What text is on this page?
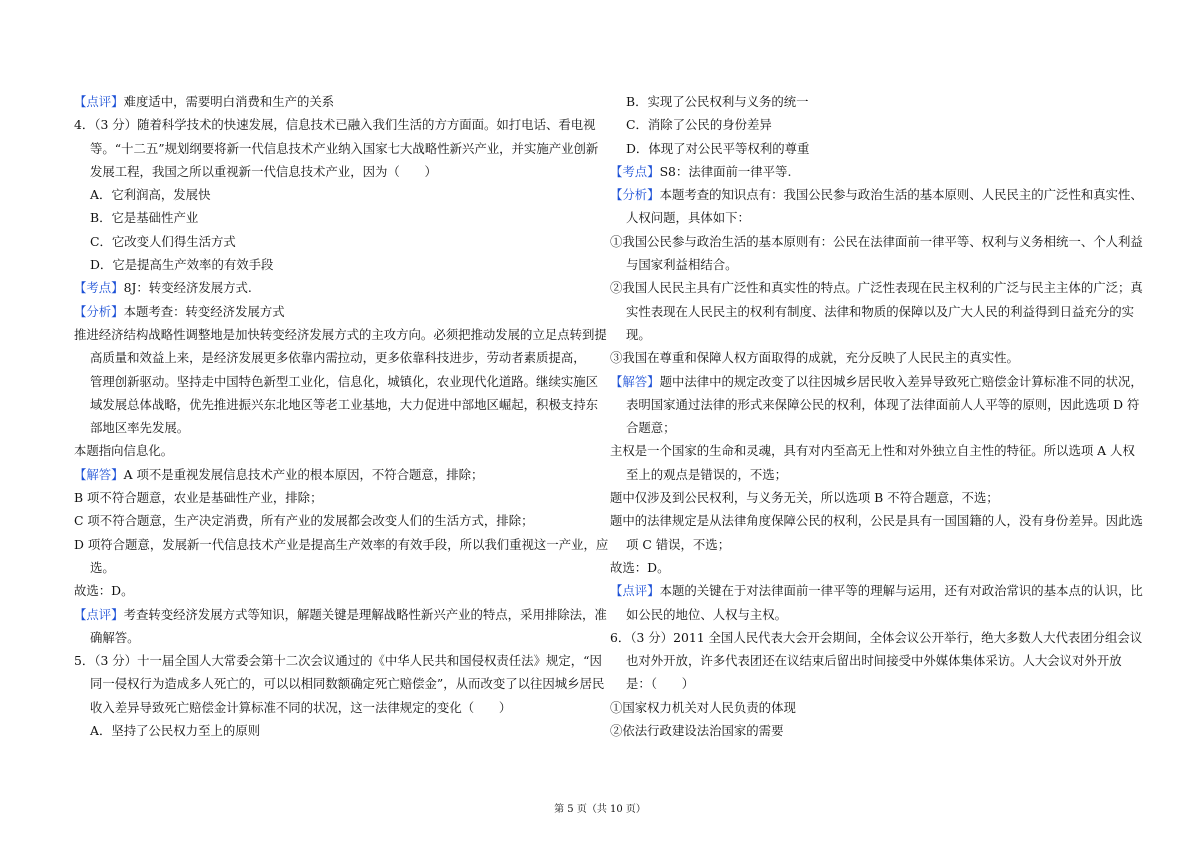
【点评】难度适中，需要明白消费和生产的关系
4．（3 分）随着科学技术的快速发展，信息技术已融入我们生活的方方面面。如打电话、看电视
等。“十二五”规划纲要将新一代信息技术产业纳入国家七大战略性新兴产业，并实施产业创新
发展工程，我国之所以重视新一代信息技术产业，因为（　　）
A．它利润高，发展快
B．它是基础性产业
C．它改变人们得生活方式
D．它是提高生产效率的有效手段
【考点】8J：转变经济发展方式.
【分析】本题考查：转变经济发展方式
推进经济结构战略性调整地是加快转变经济发展方式的主攻方向。必须把推动发展的立足点转到提
高质量和效益上来，是经济发展更多依靠内需拉动，更多依靠科技进步，劳动者素质提高，
管理创新驱动。坚持走中国特色新型工业化，信息化，城镇化，农业现代化道路。继续实施区
域发展总体战略，优先推进振兴东北地区等老工业基地，大力促进中部地区崛起，积极支持东
部地区率先发展。
本题指向信息化。
【解答】A 项不是重视发展信息技术产业的根本原因，不符合题意，排除；
B 项不符合题意，农业是基础性产业，排除；
C 项不符合题意，生产决定消费，所有产业的发展都会改变人们的生活方式，排除；
D 项符合题意，发展新一代信息技术产业是提高生产效率的有效手段，所以我们重视这一产业，应
选。
故选：D。
【点评】考查转变经济发展方式等知识，解题关键是理解战略性新兴产业的特点，采用排除法，准
确解答。
5．（3 分）十一届全国人大常委会第十二次会议通过的《中华人民共和国侵权责任法》规定，“因
同一侵权行为造成多人死亡的，可以以相同数额确定死亡赔偿金”，从而改变了以往因城乡居民
收入差异导致死亡赔偿金计算标准不同的状况，这一法律规定的变化（　　）
A．坚持了公民权力至上的原则
B．实现了公民权利与义务的统一
C．消除了公民的身份差异
D．体现了对公民平等权利的尊重
【考点】S8：法律面前一律平等.
【分析】本题考查的知识点有：我国公民参与政治生活的基本原则、人民民主的广泛性和真实性、
人权问题，具体如下：
①我国公民参与政治生活的基本原则有：公民在法律面前一律平等、权利与义务相统一、个人利益
与国家利益相结合。
②我国人民民主具有广泛性和真实性的特点。广泛性表现在民主权利的广泛与民主主体的广泛；真
实性表现在人民民主的权利有制度、法律和物质的保障以及广大人民的利益得到日益充分的实
现。
③我国在尊重和保障人权方面取得的成就，充分反映了人民民主的真实性。
【解答】题中法律中的规定改变了以往因城乡居民收入差异导致死亡赔偿金计算标准不同的状况，
表明国家通过法律的形式来保障公民的权利，体现了法律面前人人平等的原则，因此选项 D 符
合题意；
主权是一个国家的生命和灵魂，具有对内至高无上性和对外独立自主性的特征。所以选项 A 人权
至上的观点是错误的，不选；
题中仅涉及到公民权利，与义务无关，所以选项 B 不符合题意，不选；
题中的法律规定是从法律角度保障公民的权利，公民是具有一国国籍的人，没有身份差异。因此选
项 C 错误，不选；
故选：D。
【点评】本题的关键在于对法律面前一律平等的理解与运用，还有对政治常识的基本点的认识，比
如公民的地位、人权与主权。
6．（3 分）2011 全国人民代表大会开会期间，全体会议公开举行，绝大多数人大代表团分组会议
也对外开放，许多代表团还在议结束后留出时间接受中外媒体集体采访。人大会议对外开放
是：（　　）
①国家权力机关对人民负责的体现
②依法行政建设法治国家的需要
第 5 页（共 10 页）
